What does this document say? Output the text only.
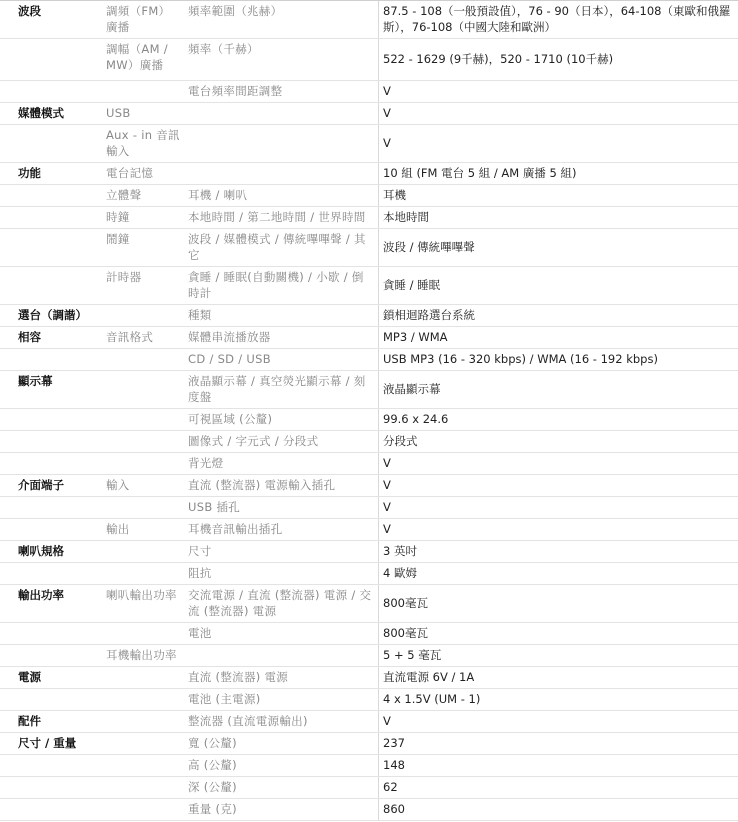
波段	調頻（FM）廣播	頻率範圍（兆赫）	87.5 - 108（一般預設值），76 - 90（日本），64-108（東歐和俄羅斯），76-108（中國大陸和歐洲）
	調幅（AM / MW）廣播	頻率（千赫）	522 - 1629 (9千赫)，520 - 1710 (10千赫)
		電台頻率間距調整	V
媒體模式	USB		V
	Aux - in 音訊輸入		V
功能	電台記憶		10 組 (FM 電台 5 組 / AM 廣播 5 組)
	立體聲	耳機 / 喇叭	耳機
	時鐘	本地時間 / 第二地時間 / 世界時間	本地時間
	鬧鐘	波段 / 媒體模式 / 傳統嗶嗶聲 / 其它	波段 / 傳統嗶嗶聲
	計時器	貪睡 / 睡眠(自動關機) / 小歇 / 倒時計	貪睡 / 睡眠
選台（調諧）		種類	鎖相迴路選台系統
相容	音訊格式	媒體串流播放器	MP3 / WMA
		CD / SD / USB	USB MP3 (16 - 320 kbps) / WMA (16 - 192 kbps)
顯示幕		液晶顯示幕 / 真空熒光顯示幕 / 刻度盤	液晶顯示幕
		可視區域 (公釐)	99.6 x 24.6
		圖像式 / 字元式 / 分段式	分段式
		背光燈	V
介面端子	輸入	直流 (整流器) 電源輸入插孔	V
		USB 插孔	V
	輸出	耳機音訊輸出插孔	V
喇叭規格		尺寸	3 英吋
		阻抗	4 歐姆
輸出功率	喇叭輸出功率	交流電源 / 直流 (整流器) 電源 / 交流 (整流器) 電源	800毫瓦
		電池	800毫瓦
	耳機輸出功率		5 + 5 毫瓦
電源		直流 (整流器) 電源	直流電源 6V / 1A
		電池 (主電源)	4 x 1.5V (UM - 1)
配件		整流器 (直流電源輸出)	V
尺寸 / 重量		寬 (公釐)	237
		高 (公釐)	148
		深 (公釐)	62
		重量 (克)	860
